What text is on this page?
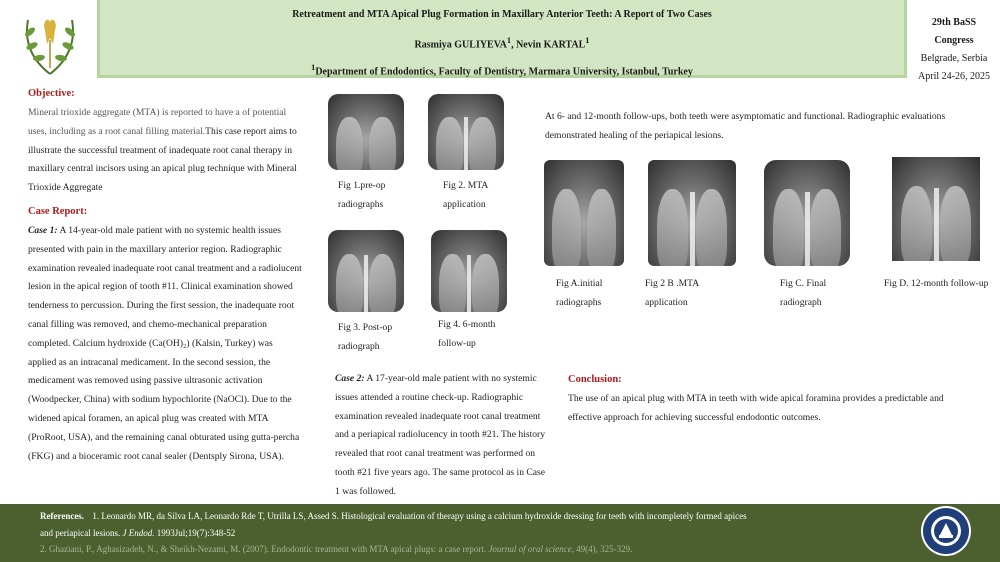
Retreatment and MTA Apical Plug Formation in Maxillary Anterior Teeth: A Report of Two Cases
Rasmiya GULIYEVA$^1$, Nevin KARTAL$^1$
$^1$Department of Endodontics, Faculty of Dentistry, Marmara University, Istanbul, Turkey
29th BaSS
Congress
Belgrade, Serbia
April 24-26, 2025
Objective:
Mineral trioxide aggregate (MTA) is reported to have a of potential uses, including as a root canal filling material.This case report aims to illustrate the successful treatment of inadequate root canal therapy in maxillary central incisors using an apical plug technique with Mineral Trioxide Aggregate
Case Report:
Case 1: A 14-year-old male patient with no systemic health issues presented with pain in the maxillary anterior region. Radiographic examination revealed inadequate root canal treatment and a radiolucent lesion in the apical region of tooth #11. Clinical examination showed tenderness to percussion. During the first session, the inadequate root canal filling was removed, and chemo-mechanical preparation completed. Calcium hydroxide (Ca(OH)₂) (Kalsin, Turkey) was applied as an intracanal medicament. In the second session, the medicament was removed using passive ultrasonic activation (Woodpecker, China) with sodium hypochlorite (NaOCl). Due to the widened apical foramen, an apical plug was created with MTA (ProRoot, USA), and the remaining canal obturated using gutta-percha (FKG) and a bioceramic root canal sealer (Dentsply Sirona, USA).
Fig 1.pre-op radiographs
Fig 2. MTA application
Fig 3. Post-op radiograph
Fig 4. 6-month follow-up
Case 2: A 17-year-old male patient with no systemic issues attended a routine check-up. Radiographic examination revealed inadequate root canal treatment and a periapical radiolucency in tooth #21. The history revealed that root canal treatment was performed on tooth #21 five years ago. The same protocol as in Case 1 was followed.
At 6- and 12-month follow-ups, both teeth were asymptomatic and functional. Radiographic evaluations demonstrated healing of the periapical lesions.
Fig A.initial radiographs
Fig 2 B .MTA application
Fig C. Final radiograph
Fig D. 12-month follow-up
Conclusion:
The use of an apical plug with MTA in teeth with wide apical foramina provides a predictable and effective approach for achieving successful endodontic outcomes.
References. 1. Leonardo MR, da Silva LA, Leonardo Rde T, Utrilla LS, Assed S. Histological evaluation of therapy using a calcium hydroxide dressing for teeth with incompletely formed apices and periapical lesions. J Endod. 1993Jul;19(7):348-52
2. Ghaziani, P., Aghasizadeh, N., & Sheikh-Nezami, M. (2007). Endodontic treatment with MTA apical plugs: a case report. Journal of oral science, 49(4), 325-329.
